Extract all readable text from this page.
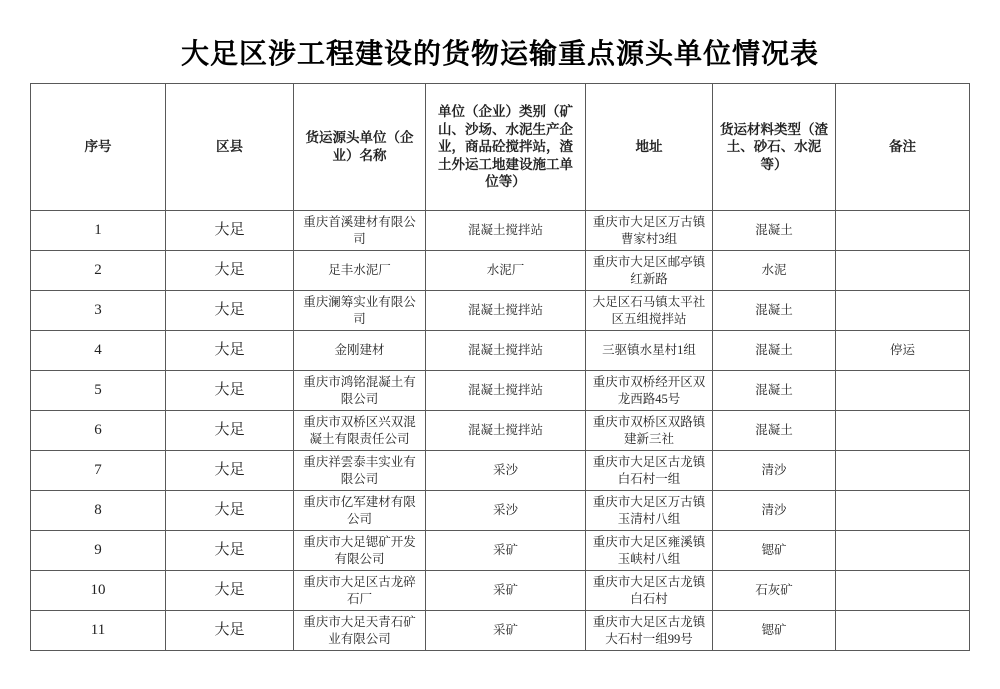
大足区涉工程建设的货物运输重点源头单位情况表
序号	区县	货运源头单位（企业）名称	单位（企业）类别（矿山、沙场、水泥生产企业，商品砼搅拌站，渣土外运工地建设施工单位等）	地址	货运材料类型（渣土、砂石、水泥等）	备注
1	大足	重庆首溪建材有限公司	混凝土搅拌站	重庆市大足区万古镇曹家村3组	混凝土	
2	大足	足丰水泥厂	水泥厂	重庆市大足区邮亭镇红新路	水泥	
3	大足	重庆澜筹实业有限公司	混凝土搅拌站	大足区石马镇太平社区五组搅拌站	混凝土	
4	大足	金刚建材	混凝土搅拌站	三驱镇水星村1组	混凝土	停运
5	大足	重庆市鸿铭混凝土有限公司	混凝土搅拌站	重庆市双桥经开区双龙西路45号	混凝土	
6	大足	重庆市双桥区兴双混凝土有限责任公司	混凝土搅拌站	重庆市双桥区双路镇建新三社	混凝土	
7	大足	重庆祥雲泰丰实业有限公司	采沙	重庆市大足区古龙镇白石村一组	清沙	
8	大足	重庆市亿军建材有限公司	采沙	重庆市大足区万古镇玉清村八组	清沙	
9	大足	重庆市大足锶矿开发有限公司	采矿	重庆市大足区雍溪镇玉峡村八组	锶矿	
10	大足	重庆市大足区古龙碎石厂	采矿	重庆市大足区古龙镇白石村	石灰矿	
11	大足	重庆市大足天青石矿业有限公司	采矿	重庆市大足区古龙镇大石村一组99号	锶矿	
